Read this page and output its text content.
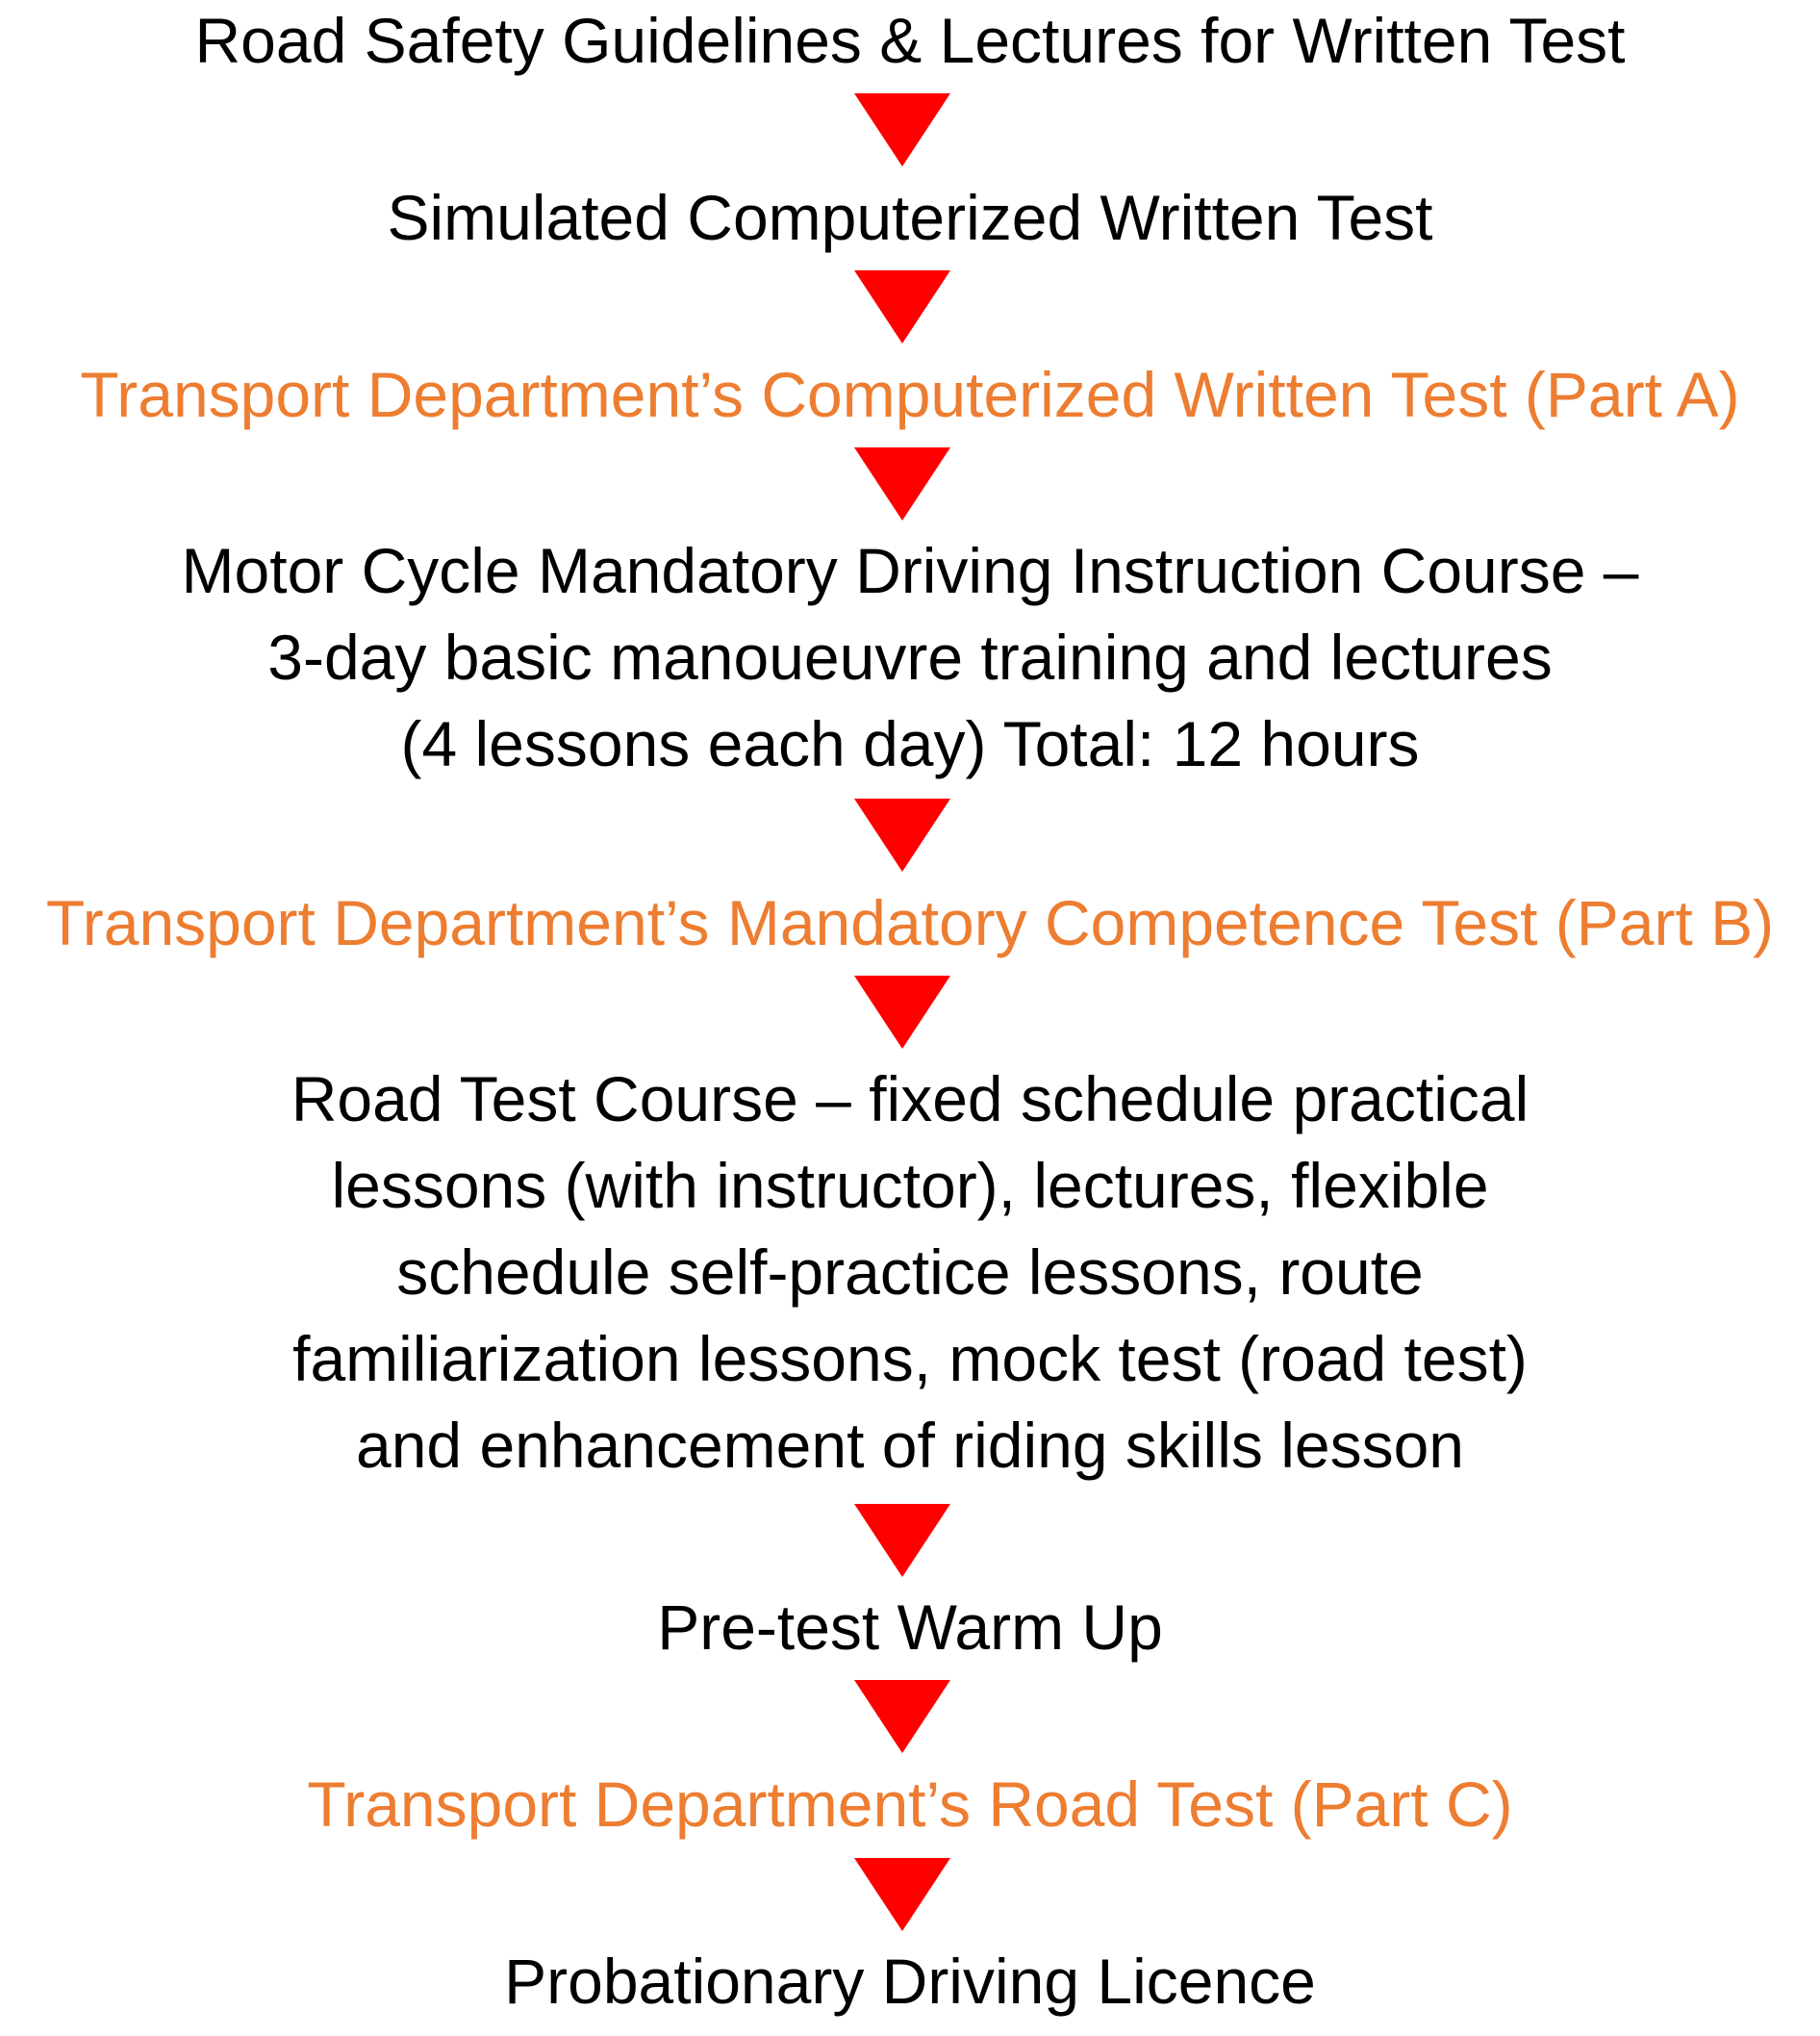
Road Safety Guidelines & Lectures for Written Test
Simulated Computerized Written Test
Transport Department’s Computerized Written Test (Part A)
Motor Cycle Mandatory Driving Instruction Course –
3-day basic manoueuvre training and lectures
(4 lessons each day) Total: 12 hours
Transport Department’s Mandatory Competence Test (Part B)
Road Test Course – fixed schedule practical
lessons (with instructor), lectures, flexible
schedule self-practice lessons, route
familiarization lessons, mock test (road test)
and enhancement of riding skills lesson
Pre-test Warm Up
Transport Department’s Road Test (Part C)
Probationary Driving Licence
